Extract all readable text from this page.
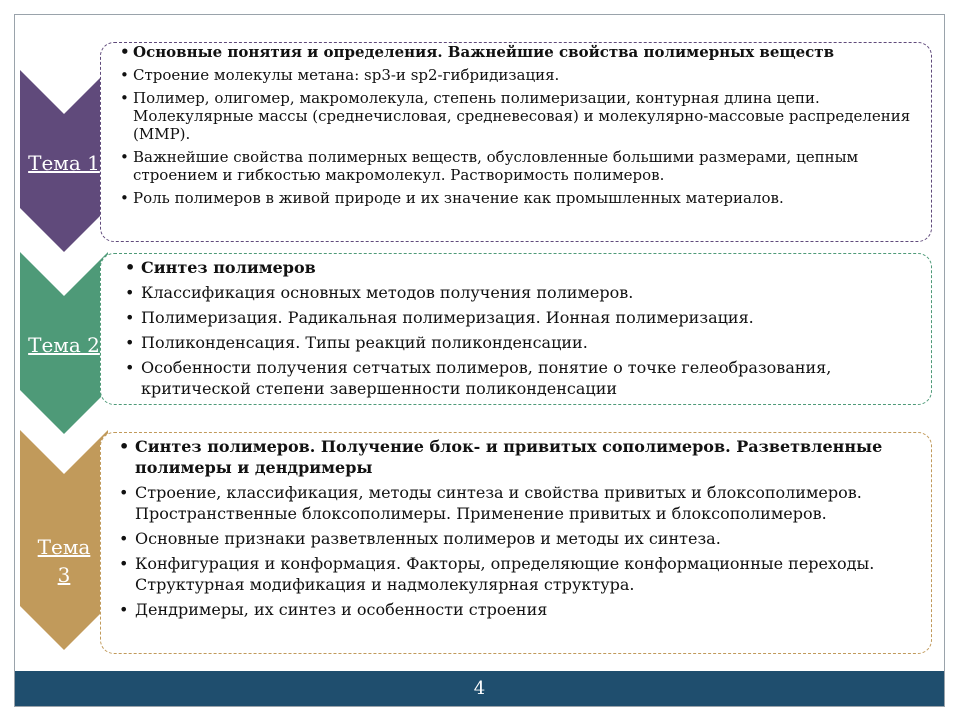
Тема 1
Тема 2
Тема
3
• Основные понятия и определения. Важнейшие свойства полимерных веществ
• Строение молекулы метана: sp3-и sp2-гибридизация.
• Полимер, олигомер, макромолекула, степень полимеризации, контурная длина цепи. Молекулярные массы (среднечисловая, средневесовая) и молекулярно-массовые распределения (ММР).
• Важнейшие свойства полимерных веществ, обусловленные большими размерами, цепным строением и гибкостью макромолекул. Растворимость полимеров.
• Роль полимеров в живой природе и их значение как промышленных материалов.
• Синтез полимеров
• Классификация основных методов получения полимеров.
• Полимеризация. Радикальная полимеризация. Ионная полимеризация.
• Поликонденсация. Типы реакций поликонденсации.
• Особенности получения сетчатых полимеров, понятие о точке гелеобразования, критической степени завершенности поликонденсации
• Синтез полимеров. Получение блок- и привитых сополимеров. Разветвленные полимеры и дендримеры
• Строение, классификация, методы синтеза и свойства привитых и блоксополимеров. Пространственные блоксополимеры. Применение привитых и блоксополимеров.
• Основные признаки разветвленных полимеров и методы их синтеза.
• Конфигурация и конформация. Факторы, определяющие конформационные переходы. Структурная модификация и надмолекулярная структура.
• Дендримеры, их синтез и особенности строения
4
